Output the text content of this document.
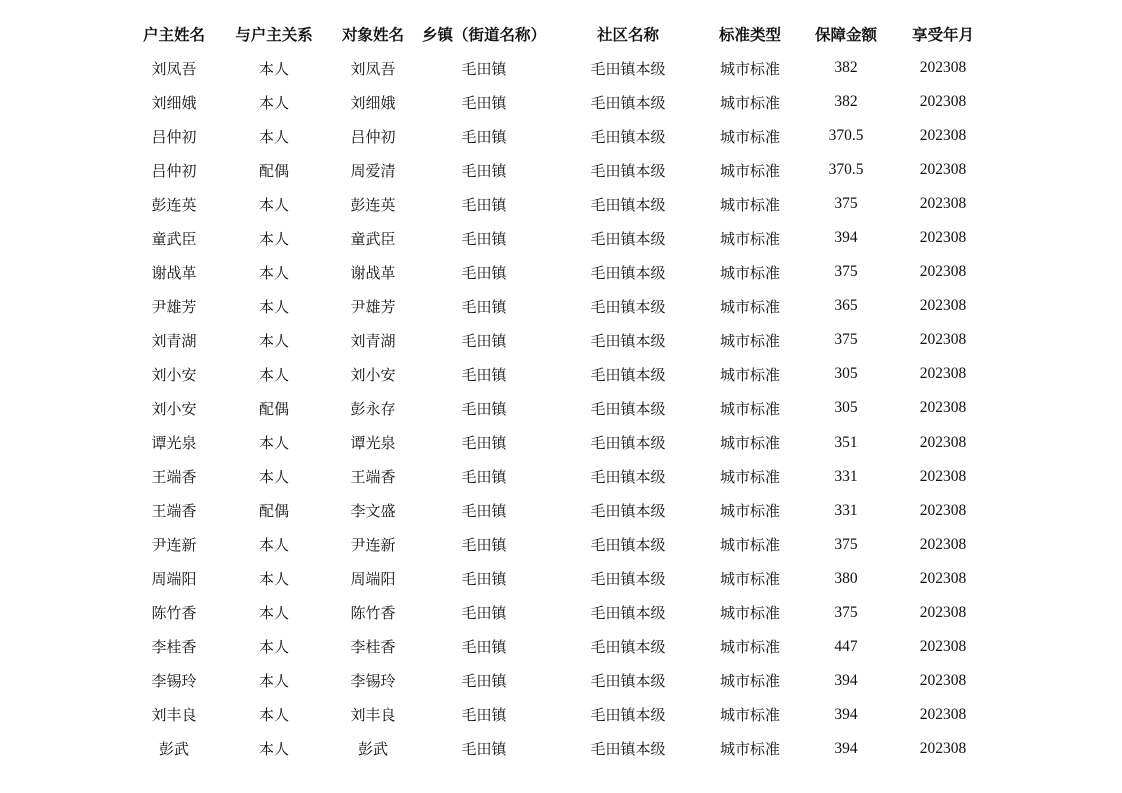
户主姓名	与户主关系	对象姓名	乡镇（街道名称）	社区名称	标准类型	保障金额	享受年月
刘凤吾	本人	刘凤吾	毛田镇	毛田镇本级	城市标准	382	202308
刘细娥	本人	刘细娥	毛田镇	毛田镇本级	城市标准	382	202308
吕仲初	本人	吕仲初	毛田镇	毛田镇本级	城市标准	370.5	202308
吕仲初	配偶	周爱清	毛田镇	毛田镇本级	城市标准	370.5	202308
彭连英	本人	彭连英	毛田镇	毛田镇本级	城市标准	375	202308
童武臣	本人	童武臣	毛田镇	毛田镇本级	城市标准	394	202308
谢战革	本人	谢战革	毛田镇	毛田镇本级	城市标准	375	202308
尹雄芳	本人	尹雄芳	毛田镇	毛田镇本级	城市标准	365	202308
刘青湖	本人	刘青湖	毛田镇	毛田镇本级	城市标准	375	202308
刘小安	本人	刘小安	毛田镇	毛田镇本级	城市标准	305	202308
刘小安	配偶	彭永存	毛田镇	毛田镇本级	城市标准	305	202308
谭光泉	本人	谭光泉	毛田镇	毛田镇本级	城市标准	351	202308
王端香	本人	王端香	毛田镇	毛田镇本级	城市标准	331	202308
王端香	配偶	李文盛	毛田镇	毛田镇本级	城市标准	331	202308
尹连新	本人	尹连新	毛田镇	毛田镇本级	城市标准	375	202308
周端阳	本人	周端阳	毛田镇	毛田镇本级	城市标准	380	202308
陈竹香	本人	陈竹香	毛田镇	毛田镇本级	城市标准	375	202308
李桂香	本人	李桂香	毛田镇	毛田镇本级	城市标准	447	202308
李锡玲	本人	李锡玲	毛田镇	毛田镇本级	城市标准	394	202308
刘丰良	本人	刘丰良	毛田镇	毛田镇本级	城市标准	394	202308
彭武	本人	彭武	毛田镇	毛田镇本级	城市标准	394	202308
